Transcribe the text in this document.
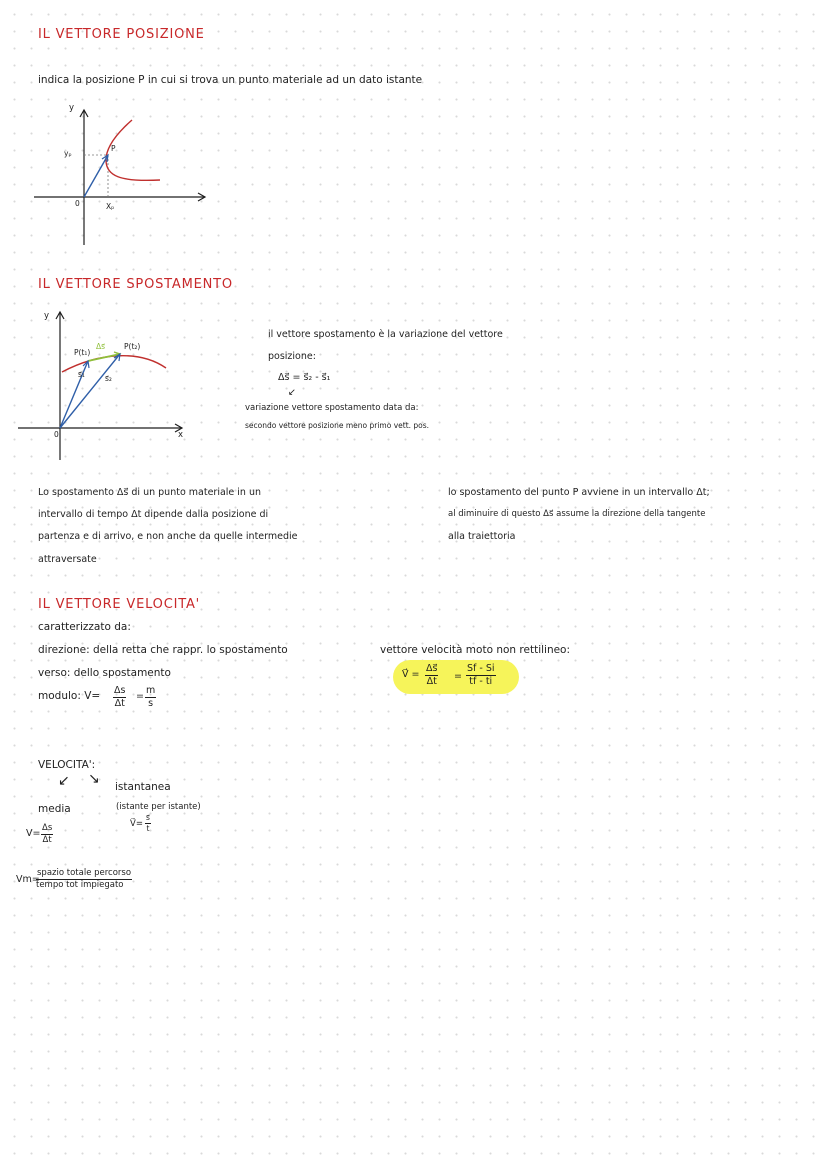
IL VETTORE POSIZIONE
indica la posizione P in cui si trova un punto materiale ad un dato istante
y
yₚ
P
0	Xₚ
IL VETTORE SPOSTAMENTO
y
0	x
P(t₁)
P(t₂)
Δs⃗
s⃗₁	s⃗₂
il vettore spostamento è la variazione del vettore
posizione:
Δs⃗ = s⃗₂ - s⃗₁
↙
variazione vettore spostamento data da:
secondo vettore posizione meno primo vett. pos.
Lo spostamento Δs⃗ di un punto materiale in un
intervallo di tempo Δt dipende dalla posizione di
partenza e di arrivo, e non anche da quelle intermedie
attraversate
lo spostamento del punto P avviene in un intervallo Δt;
al diminuire di questo Δs⃗ assume la direzione della tangente
alla traiettoria
IL VETTORE VELOCITA'
caratterizzato da:
direzione: della retta che rappr. lo spostamento
verso: dello spostamento
modulo: $V= \frac{\Delta s}{\Delta t} = \frac{m}{s}$
vettore velocità moto non rettilineo:
V⃗ = $\frac{\Delta s⃗}{\Delta t} = \frac{Sf - Si}{tf - ti}$
VELOCITA':
↙ ↘ istantanea
media	(istante per istante)
V⃗= $\frac{s⃗}{t}$
$V= \frac{\Delta s}{\Delta t}$
Vm=
spazio totale percorso
tempo tot impiegato
